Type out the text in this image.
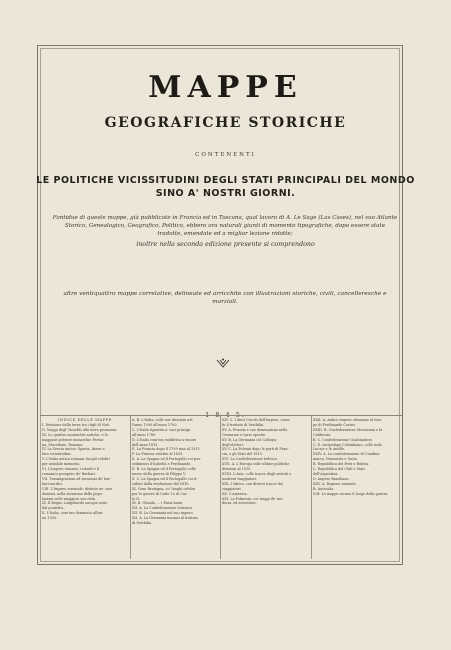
MAPPE
GEOGRAFICHE STORICHE
CONTENENTI
LE POLITICHE VICISSITUDINI DEGLI STATI PRINCIPALI DEL MONDO
SINO A' NOSTRI GIORNI.
Fontidue di queste mappe, già pubblicate in Francia ed in Toscana, qual lavoro di A. Le Sage (Las Cases), nel suo Atlante Storico, Genealogico, Geografico, Politico, ebbero ora naturali giunti di momento tipografiche, dopo essere state tradotte, emendate ed a miglior lezione ridotte;
inoltre nella seconda edizione presente si comprendono
altre ventiquattro mappe correlative, delineate ed arricchite con illustrazioni storiche, civili, cancelleresche e marziali.
1 8 4 5.
INDICE DELLE MAPPE
I. Divisione della terra tra i figli di Noè.
II. Viaggi degl' Israeliti alla terra promessa.
III. Le quattro monarchie antiche, e le
maggiori potenze monarchie Persia-
na, Macedone, Romana.
IV. La Grecia antica: Sparta, Atene e
loro vicissitudini.
V. L'Italia antica romana: luoghi celebri
per notabile memoria.
VI. L'Impero romano; i trionfi e il
romanico prospero de' Barbari.
VII. Trasmigrazioni ed invasioni de' bar-
bari nordici.
VIII. L'Impero orientale; distinte ne' suoi
dominii, nella invasione delle popo-
lazioni nelle maggiori sue città.
IX. Il Regno Longobardo nacque sotto
dal pontefici.
X. L'Italia, com'era dominata all'an-
no 1300.
A. B. L'Italia, colle sue divisioni nel-
l'anno 1500 all'anno 1700.
C. L'Italia ripartita a' vari principi
all'anno 1789.
D. L'Italia com'era suddivisa a tenore
dell'anno 1815.
E. La Francia dopo il 1799 sino al 1815.
F. La Francia celebre al 1815.
X. A. La Spagna ed il Portogallo coi pos-
sedimenti d'Isabella e Ferdinando.
X. B. La Spagna ed il Portogallo colle
nuove della guerra di Filippo V.
X. C. La Spagna ed il Portogallo coi ri-
sultati dalla rivoluzione del 1810.
XI. Gran Bretagna, co' luoghi celebri
per le guerre di Carlo I e di Car-
lo II.
XI. B. Olanda, ... i Paesi bassi.
XII. A. La Confederazione Svizzera.
XII. B. La Germania nel suo impero.
XII. A. La Germania innanzi al trattato
di Vestfalia.
XIV. C. I dieci Circoli dell'Impero, come
fu il trattato di Vestfalia.
XV. A. Prussia e sue dominazioni nella
Germania e varie epoche.
XV. B. La Germania col Collegio
degl'elettori.
XV. C. La Polonia dopo le parti di Fran-
cia, e gli Stati del 1815.
XVI. La Confederazione tedesca.
XVII. A. L'Europa colle ultime politiche
divisioni al 1815.
XVIII. L'Asia, colle tracce degli antichi e
moderni viaggiatori.
XIX. L'Africa, con diversi tracce dei
viaggiatori.
XX. L'America.
XXI. La Polinesia, coi viaggi de' mo-
derni, ed avventure.
XXII. A. Antico impero ottomano al tem-
po di Ferdinando Cortez.
XXIII. B. Confederazione Messicana e la
California.
B. C. Confederazione Guatimalese.
C. D. Arcipelago Colombiano, colle isole
Lucaie e le Antille.
XXIV. A. La confederazione di Cundina-
marca, Venezuela e Quito.
B. Repubblica del Perù e Bolivia.
C. Repubblica del Chili e Stati
dell'Argentina.
D. Impero Brasiliano.
XXV. A. Regione australe.
B. Australia.
N.B. Le mappe recano il luogo della guerra.
